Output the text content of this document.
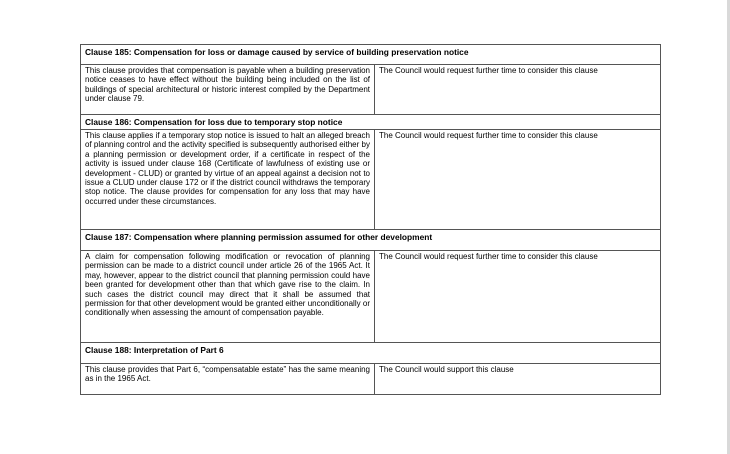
Clause 185: Compensation for loss or damage caused by service of building preservation notice	
This clause provides that compensation is payable when a building preservation notice ceases to have effect without the building being included on the list of buildings of special architectural or historic interest compiled by the Department under clause 79.	The Council would request further time to consider this clause
Clause 186: Compensation for loss due to temporary stop notice	
This clause applies if a temporary stop notice is issued to halt an alleged breach of planning control and the activity specified is subsequently authorised either by a planning permission or development order, if a certificate in respect of the activity is issued under clause 168 (Certificate of lawfulness of existing use or development - CLUD) or granted by virtue of an appeal against a decision not to issue a CLUD under clause 172 or if the district council withdraws the temporary stop notice. The clause provides for compensation for any loss that may have occurred under these circumstances.	The Council would request further time to consider this clause
Clause 187: Compensation where planning permission assumed for other development	
A claim for compensation following modification or revocation of planning permission can be made to a district council under article 26 of the 1965 Act. It may, however, appear to the district council that planning permission could have been granted for development other than that which gave rise to the claim. In such cases the district council may direct that it shall be assumed that permission for that other development would be granted either unconditionally or conditionally when assessing the amount of compensation payable.	The Council would request further time to consider this clause
Clause 188: Interpretation of Part 6	
This clause provides that Part 6, “compensatable estate” has the same meaning as in the 1965 Act.	The Council would support this clause
